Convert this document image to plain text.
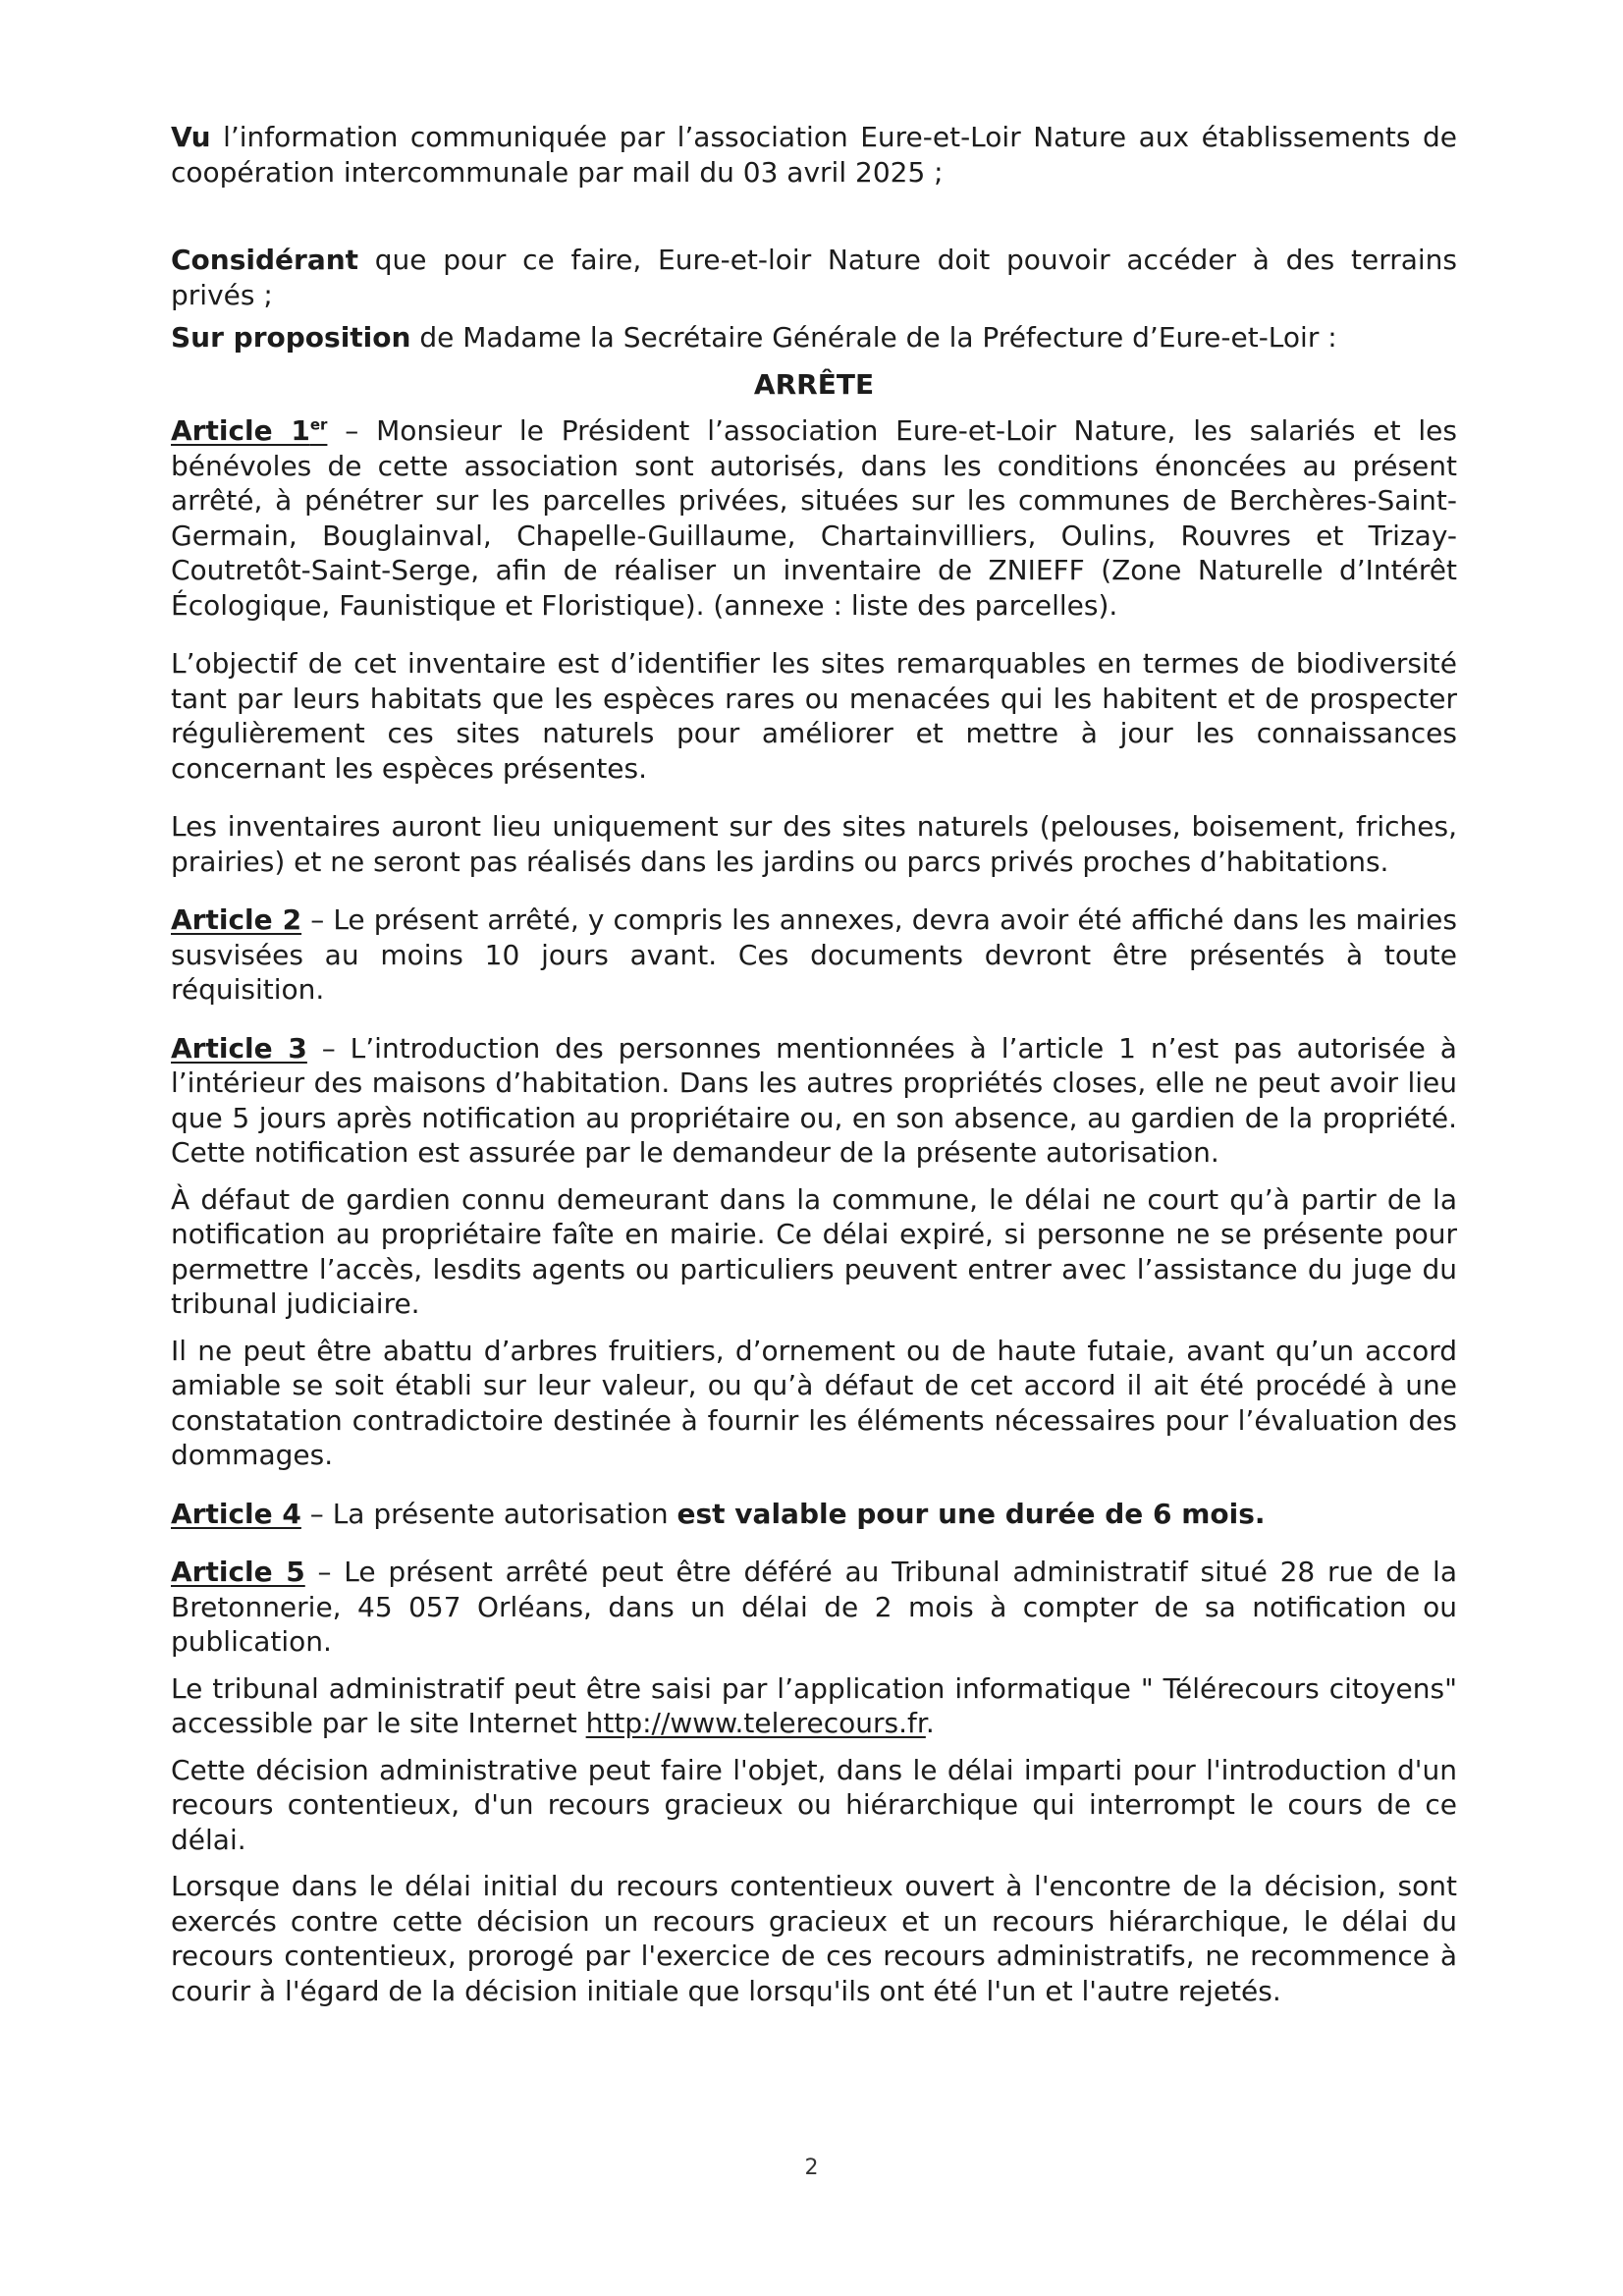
Vu l’information communiquée par l’association Eure-et-Loir Nature aux établissements de coopération intercommunale par mail du 03 avril 2025 ;

Considérant que pour ce faire, Eure-et-loir Nature doit pouvoir accéder à des terrains privés ;

Sur proposition de Madame la Secrétaire Générale de la Préfecture d’Eure-et-Loir :

ARRÊTE

Article 1er – Monsieur le Président l’association Eure-et-Loir Nature, les salariés et les bénévoles de cette association sont autorisés, dans les conditions énoncées au présent arrêté, à pénétrer sur les parcelles privées, situées sur les communes de Berchères-Saint-Germain, Bouglainval, Chapelle-Guillaume, Chartainvilliers, Oulins, Rouvres et Trizay-Coutretôt-Saint-Serge, afin de réaliser un inventaire de ZNIEFF (Zone Naturelle d’Intérêt Écologique, Faunistique et Floristique). (annexe : liste des parcelles).

L’objectif de cet inventaire est d’identifier les sites remarquables en termes de biodiversité tant par leurs habitats que les espèces rares ou menacées qui les habitent et de prospecter régulièrement ces sites naturels pour améliorer et mettre à jour les connaissances concernant les espèces présentes.

Les inventaires auront lieu uniquement sur des sites naturels (pelouses, boisement, friches, prairies) et ne seront pas réalisés dans les jardins ou parcs privés proches d’habitations.

Article 2 – Le présent arrêté, y compris les annexes, devra avoir été affiché dans les mairies susvisées au moins 10 jours avant. Ces documents devront être présentés à toute réquisition.

Article 3 – L’introduction des personnes mentionnées à l’article 1 n’est pas autorisée à l’intérieur des maisons d’habitation. Dans les autres propriétés closes, elle ne peut avoir lieu que 5 jours après notification au propriétaire ou, en son absence, au gardien de la propriété. Cette notification est assurée par le demandeur de la présente autorisation.

À défaut de gardien connu demeurant dans la commune, le délai ne court qu’à partir de la notification au propriétaire faîte en mairie. Ce délai expiré, si personne ne se présente pour permettre l’accès, lesdits agents ou particuliers peuvent entrer avec l’assistance du juge du tribunal judiciaire.

Il ne peut être abattu d’arbres fruitiers, d’ornement ou de haute futaie, avant qu’un accord amiable se soit établi sur leur valeur, ou qu’à défaut de cet accord il ait été procédé à une constatation contradictoire destinée à fournir les éléments nécessaires pour l’évaluation des dommages.

Article 4 – La présente autorisation est valable pour une durée de 6 mois.

Article 5 – Le présent arrêté peut être déféré au Tribunal administratif situé 28 rue de la Bretonnerie, 45 057 Orléans, dans un délai de 2 mois à compter de sa notification ou publication.

Le tribunal administratif peut être saisi par l’application informatique " Télérecours citoyens" accessible par le site Internet http://www.telerecours.fr.

Cette décision administrative peut faire l'objet, dans le délai imparti pour l'introduction d'un recours contentieux, d'un recours gracieux ou hiérarchique qui interrompt le cours de ce délai.

Lorsque dans le délai initial du recours contentieux ouvert à l'encontre de la décision, sont exercés contre cette décision un recours gracieux et un recours hiérarchique, le délai du recours contentieux, prorogé par l'exercice de ces recours administratifs, ne recommence à courir à l'égard de la décision initiale que lorsqu'ils ont été l'un et l'autre rejetés.

2
